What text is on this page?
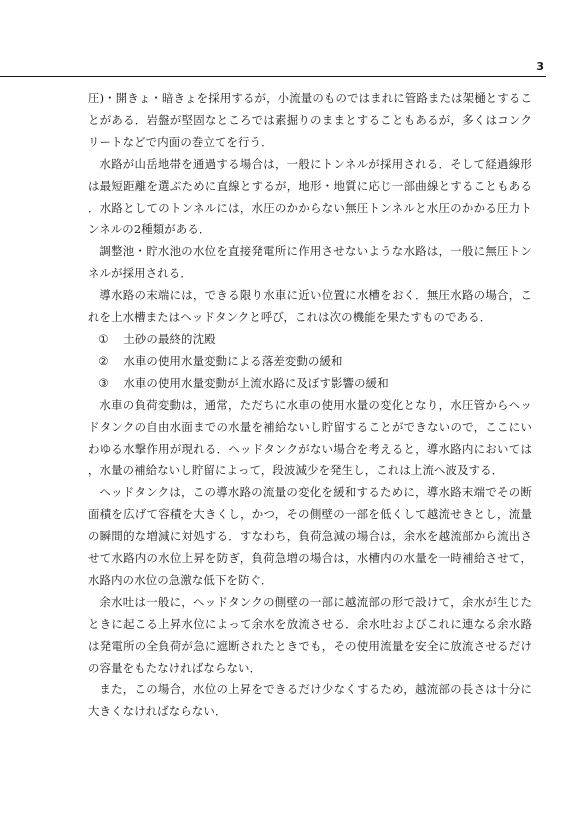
3

圧)・開きょ・暗きょを採用するが，小流量のものではまれに管路または架樋とすることがある．岩盤が堅固なところでは素掘りのままとすることもあるが，多くはコンクリートなどで内面の巻立てを行う．

水路が山岳地帯を通過する場合は，一般にトンネルが採用される．そして経過線形は最短距離を選ぶために直線とするが，地形・地質に応じ一部曲線とすることもある．水路としてのトンネルには，水圧のかからない無圧トンネルと水圧のかかる圧力トンネルの2種類がある．

調整池・貯水池の水位を直接発電所に作用させないような水路は，一般に無圧トンネルが採用される．

導水路の末端には，できる限り水車に近い位置に水槽をおく．無圧水路の場合，これを上水槽またはヘッドタンクと呼び，これは次の機能を果たすものである．

① 土砂の最終的沈殿

② 水車の使用水量変動による落差変動の緩和

③ 水車の使用水量変動が上流水路に及ぼす影響の緩和

水車の負荷変動は，通常，ただちに水車の使用水量の変化となり，水圧管からヘッドタンクの自由水面までの水量を補給ないし貯留することができないので，ここにいわゆる水撃作用が現れる．ヘッドタンクがない場合を考えると，導水路内においては，水量の補給ないし貯留によって，段波減少を発生し，これは上流へ波及する．

ヘッドタンクは，この導水路の流量の変化を緩和するために，導水路末端でその断面積を広げて容積を大きくし，かつ，その側壁の一部を低くして越流せきとし，流量の瞬間的な増減に対処する．すなわち，負荷急減の場合は，余水を越流部から流出させて水路内の水位上昇を防ぎ，負荷急増の場合は，水槽内の水量を一時補給させて，水路内の水位の急激な低下を防ぐ．

余水吐は一般に，ヘッドタンクの側壁の一部に越流部の形で設けて，余水が生じたときに起こる上昇水位によって余水を放流させる．余水吐およびこれに連なる余水路は発電所の全負荷が急に遮断されたときでも，その使用流量を安全に放流させるだけの容量をもたなければならない．

また，この場合，水位の上昇をできるだけ少なくするため，越流部の長さは十分に大きくなければならない．
